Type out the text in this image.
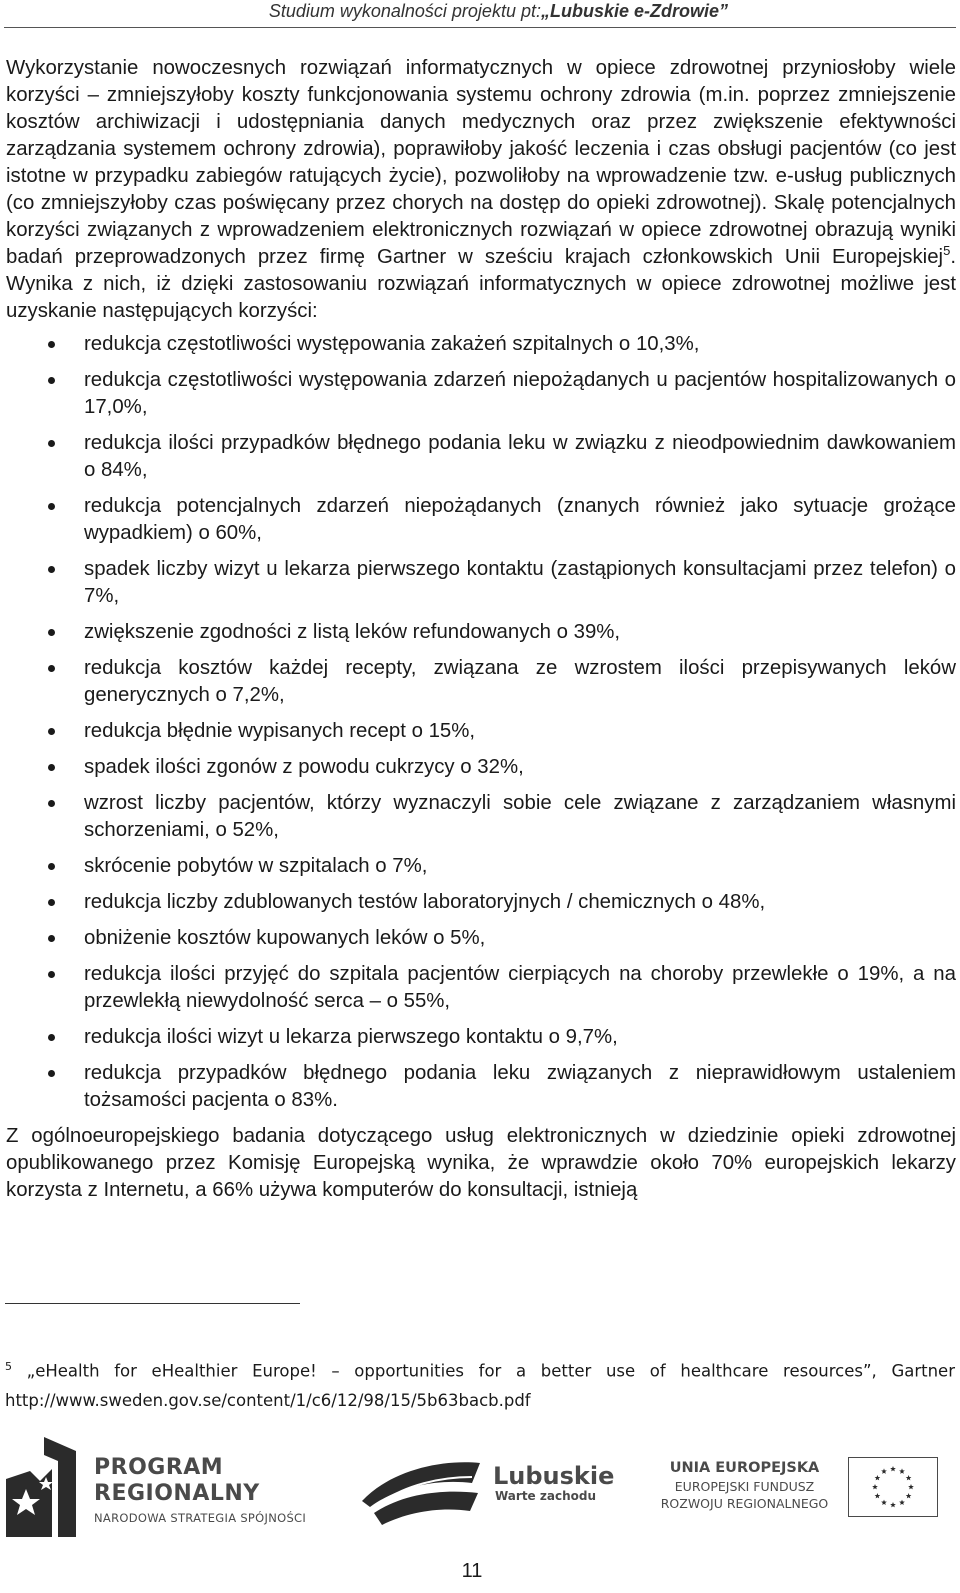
Studium wykonalności projektu pt:„Lubuskie e-Zdrowie”

Wykorzystanie nowoczesnych rozwiązań informatycznych w opiece zdrowotnej przyniosłoby wiele korzyści – zmniejszyłoby koszty funkcjonowania systemu ochrony zdrowia (m.in. poprzez zmniejszenie kosztów archiwizacji i udostępniania danych medycznych oraz przez zwiększenie efektywności zarządzania systemem ochrony zdrowia), poprawiłoby jakość leczenia i czas obsługi pacjentów (co jest istotne w przypadku zabiegów ratujących życie), pozwoliłoby na wprowadzenie tzw. e-usług publicznych (co zmniejszyłoby czas poświęcany przez chorych na dostęp do opieki zdrowotnej). Skalę potencjalnych korzyści związanych z wprowadzeniem elektronicznych rozwiązań w opiece zdrowotnej obrazują wyniki badań przeprowadzonych przez firmę Gartner w sześciu krajach członkowskich Unii Europejskiej$^5$. Wynika z nich, iż dzięki zastosowaniu rozwiązań informatycznych w opiece zdrowotnej możliwe jest uzyskanie następujących korzyści:

redukcja częstotliwości występowania zakażeń szpitalnych o 10,3%,
redukcja częstotliwości występowania zdarzeń niepożądanych u pacjentów hospitalizowanych o 17,0%,
redukcja ilości przypadków błędnego podania leku w związku z nieodpowiednim dawkowaniem o 84%,
redukcja potencjalnych zdarzeń niepożądanych (znanych również jako sytuacje grożące wypadkiem) o 60%,
spadek liczby wizyt u lekarza pierwszego kontaktu (zastąpionych konsultacjami przez telefon) o 7%,
zwiększenie zgodności z listą leków refundowanych o 39%,
redukcja kosztów każdej recepty, związana ze wzrostem ilości przepisywanych leków generycznych o 7,2%,
redukcja błędnie wypisanych recept o 15%,
spadek ilości zgonów z powodu cukrzycy o 32%,
wzrost liczby pacjentów, którzy wyznaczyli sobie cele związane z zarządzaniem własnymi schorzeniami, o 52%,
skrócenie pobytów w szpitalach o 7%,
redukcja liczby zdublowanych testów laboratoryjnych / chemicznych o 48%,
obniżenie kosztów kupowanych leków o 5%,
redukcja ilości przyjęć do szpitala pacjentów cierpiących na choroby przewlekłe o 19%, a na przewlekłą niewydolność serca – o 55%,
redukcja ilości wizyt u lekarza pierwszego kontaktu o 9,7%,
redukcja przypadków błędnego podania leku związanych z nieprawidłowym ustaleniem tożsamości pacjenta o 83%.

Z ogólnoeuropejskiego badania dotyczącego usług elektronicznych w dziedzinie opieki zdrowotnej opublikowanego przez Komisję Europejską wynika, że wprawdzie około 70% europejskich lekarzy korzysta z Internetu, a 66% używa komputerów do konsultacji, istnieją

$^5$ „eHealth for eHealthier Europe! – opportunities for a better use of healthcare resources”, Gartner http://www.sweden.gov.se/content/1/c6/12/98/15/5b63bacb.pdf
PROGRAM
REGIONALNY
NARODOWA STRATEGIA SPÓJNOŚCI
Lubuskie
Warte zachodu
UNIA EUROPEJSKA
EUROPEJSKI FUNDUSZ
ROZWOJU REGIONALNEGO
11
